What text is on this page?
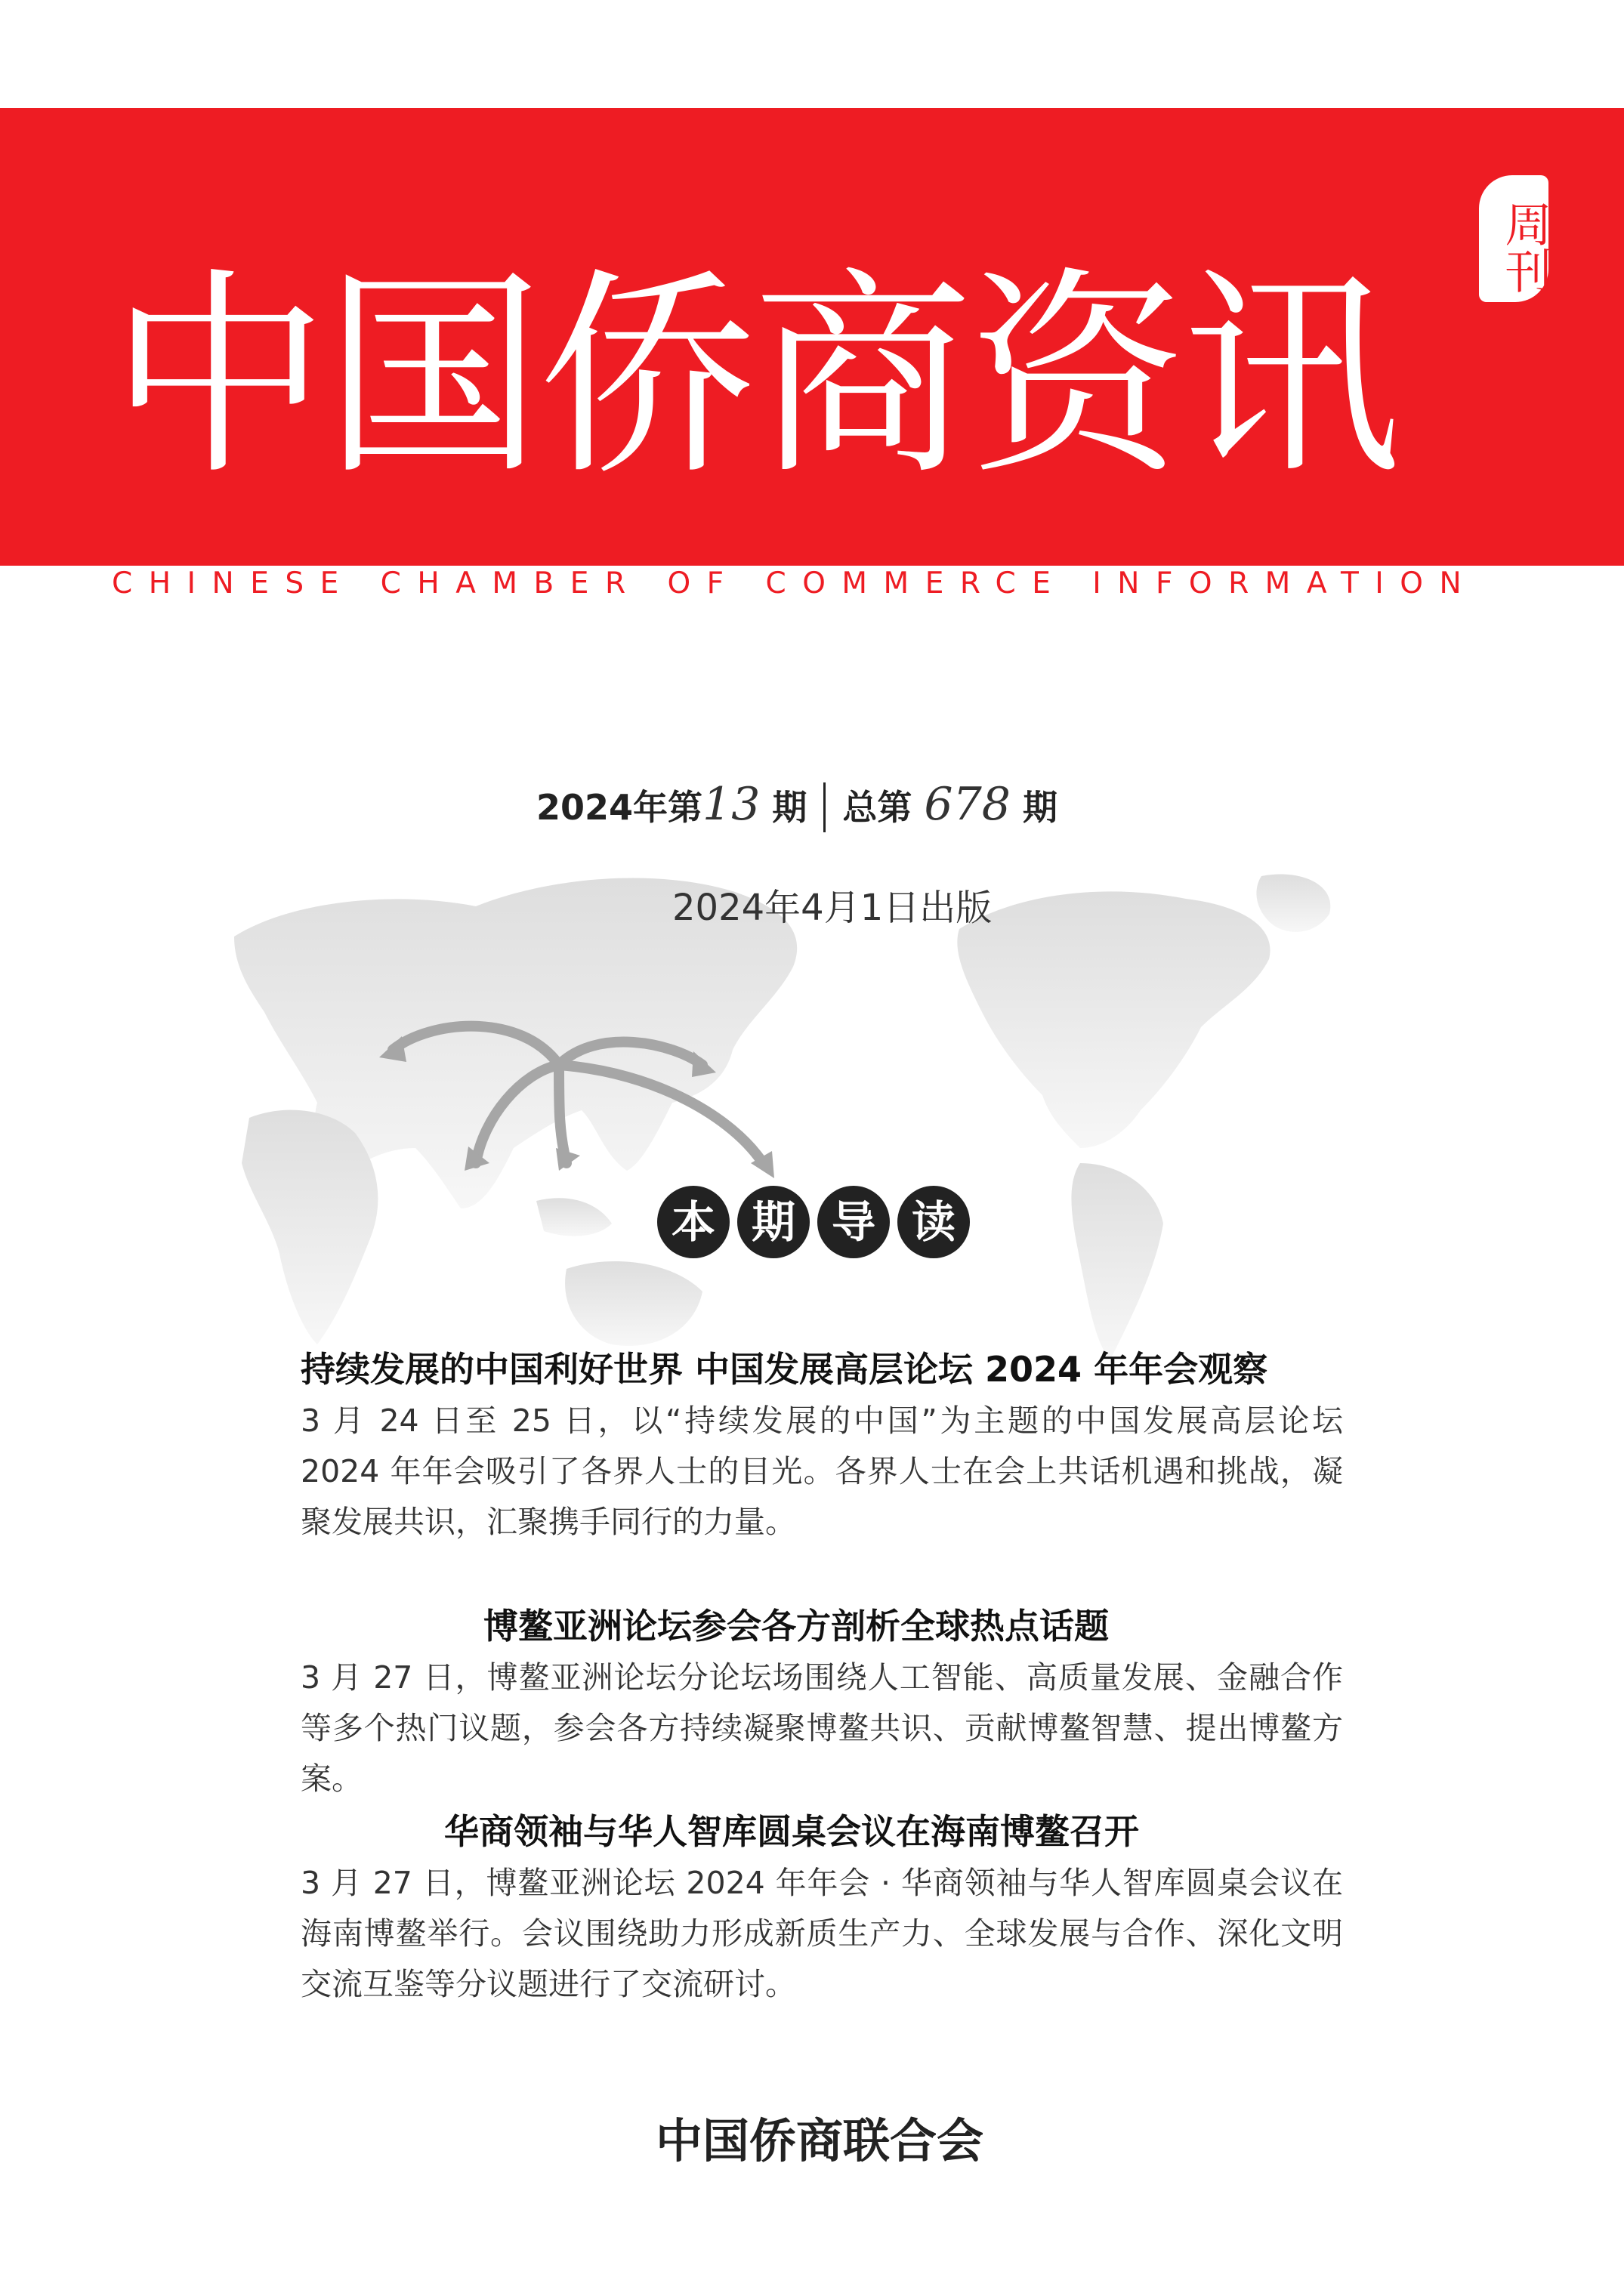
中国侨商资讯
周刊
CHINESE CHAMBER OF COMMERCE INFORMATION
2024年第13 期 总第 678 期
2024年4月1日出版
本 期 导 读
持续发展的中国利好世界 中国发展高层论坛 2024 年年会观察
3 月 24 日至 25 日，以“持续发展的中国”为主题的中国发展高层论坛 2024 年年会吸引了各界人士的目光。各界人士在会上共话机遇和挑战，凝聚发展共识，汇聚携手同行的力量。
博鳌亚洲论坛参会各方剖析全球热点话题
3 月 27 日，博鳌亚洲论坛分论坛场围绕人工智能、高质量发展、金融合作等多个热门议题，参会各方持续凝聚博鳌共识、贡献博鳌智慧、提出博鳌方案。
华商领袖与华人智库圆桌会议在海南博鳌召开
3 月 27 日，博鳌亚洲论坛 2024 年年会 · 华商领袖与华人智库圆桌会议在海南博鳌举行。会议围绕助力形成新质生产力、全球发展与合作、深化文明交流互鉴等分议题进行了交流研讨。
中国侨商联合会
